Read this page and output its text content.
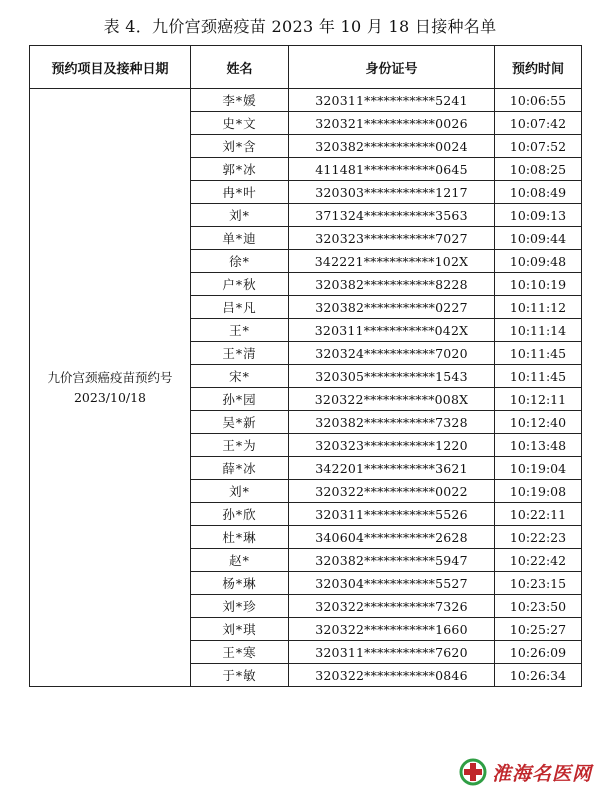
表 4．九价宫颈癌疫苗 2023 年 10 月 18 日接种名单
预约项目及接种日期	姓名	身份证号	预约时间

九价宫颈癌疫苗预约号
2023/10/18	李*媛	320311***********5241	10:06:55
	史*文	320321***********0026	10:07:42
	刘*含	320382***********0024	10:07:52
	郭*冰	411481***********0645	10:08:25
	冉*叶	320303***********1217	10:08:49
	刘*	371324***********3563	10:09:13
	单*迪	320323***********7027	10:09:44
	徐*	342221***********102X	10:09:48
	户*秋	320382***********8228	10:10:19
	吕*凡	320382***********0227	10:11:12
	王*	320311***********042X	10:11:14
	王*清	320324***********7020	10:11:45
	宋*	320305***********1543	10:11:45
	孙*园	320322***********008X	10:12:11
	吴*新	320382***********7328	10:12:40
	王*为	320323***********1220	10:13:48
	薛*冰	342201***********3621	10:19:04
	刘*	320322***********0022	10:19:08
	孙*欣	320311***********5526	10:22:11
	杜*琳	340604***********2628	10:22:23
	赵*	320382***********5947	10:22:42
	杨*琳	320304***********5527	10:23:15
	刘*珍	320322***********7326	10:23:50
	刘*琪	320322***********1660	10:25:27
	王*寒	320311***********7620	10:26:09
	于*敏	320322***********0846	10:26:34
淮海名医网
